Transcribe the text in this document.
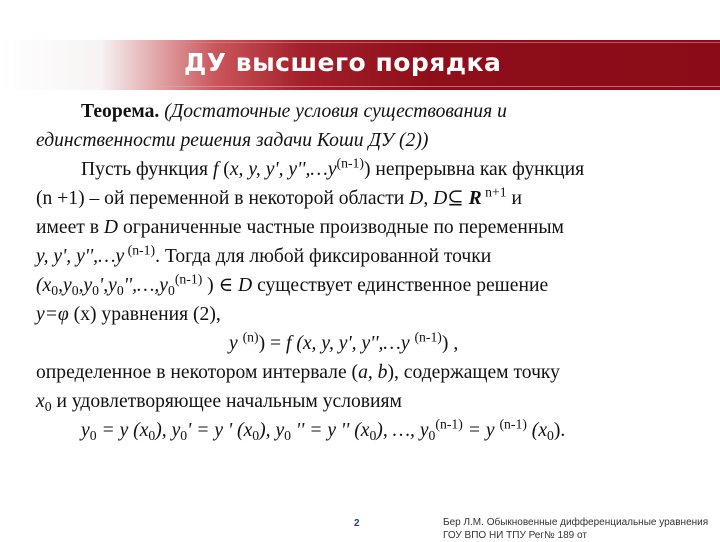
ДУ высшего порядка
Теорема. (Достаточные условия существования и
единственности решения задачи Коши ДУ (2))
Пусть функция f (x, y, y', $y'',\dots y^{(n-1)}$) непрерывна как функция
(n +1) – ой переменной в некоторой области D, D⊆ R $^{n+1}$ и
имеет в D ограниченные частные производные по переменным
y, y', y'',…y $^{(n-1)}$. Тогда для любой фиксированной точки
($x_0,y_0,y_0',y_0'',\dots,y_0^{(n-1)}$ ) ∈ D существует единственное решение
y=φ (x) уравнения (2),
y $^{(n)}$) = f (x, y, y', y'',…y $^{(n-1)}$) ,
определенное в некотором интервале (a, b), содержащем точку
$x_0$ и удовлетворяющее начальным условиям
$y_0 = y$ $(x_0)$, $y_0' = y$ ' $(x_0)$, $y_0$ '' = y '' $(x_0)$, …, $y_0^{(n-1)} = y$ $^{(n-1)}$ $(x_0)$.
2	Бер Л.М. Обыкновенные дифференциальные уравнения ГОУ ВПО НИ ТПУ Рег№ 189 от
